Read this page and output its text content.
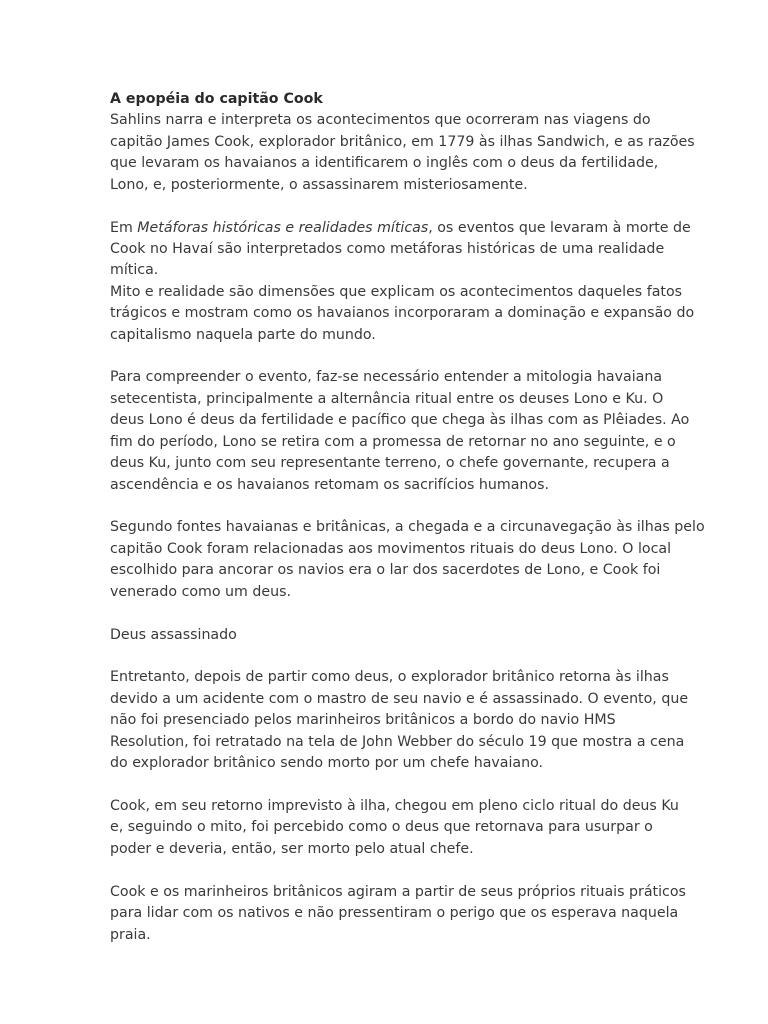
A epopéia do capitão Cook
Sahlins narra e interpreta os acontecimentos que ocorreram nas viagens do
capitão James Cook, explorador britânico, em 1779 às ilhas Sandwich, e as razões
que levaram os havaianos a identificarem o inglês com o deus da fertilidade,
Lono, e, posteriormente, o assassinarem misteriosamente.
Em Metáforas históricas e realidades míticas, os eventos que levaram à morte de
Cook no Havaí são interpretados como metáforas históricas de uma realidade
mítica.
Mito e realidade são dimensões que explicam os acontecimentos daqueles fatos
trágicos e mostram como os havaianos incorporaram a dominação e expansão do
capitalismo naquela parte do mundo.
Para compreender o evento, faz-se necessário entender a mitologia havaiana
setecentista, principalmente a alternância ritual entre os deuses Lono e Ku. O
deus Lono é deus da fertilidade e pacífico que chega às ilhas com as Plêiades. Ao
fim do período, Lono se retira com a promessa de retornar no ano seguinte, e o
deus Ku, junto com seu representante terreno, o chefe governante, recupera a
ascendência e os havaianos retomam os sacrifícios humanos.
Segundo fontes havaianas e britânicas, a chegada e a circunavegação às ilhas pelo
capitão Cook foram relacionadas aos movimentos rituais do deus Lono. O local
escolhido para ancorar os navios era o lar dos sacerdotes de Lono, e Cook foi
venerado como um deus.
Deus assassinado
Entretanto, depois de partir como deus, o explorador britânico retorna às ilhas
devido a um acidente com o mastro de seu navio e é assassinado. O evento, que
não foi presenciado pelos marinheiros britânicos a bordo do navio HMS
Resolution, foi retratado na tela de John Webber do século 19 que mostra a cena
do explorador britânico sendo morto por um chefe havaiano.
Cook, em seu retorno imprevisto à ilha, chegou em pleno ciclo ritual do deus Ku
e, seguindo o mito, foi percebido como o deus que retornava para usurpar o
poder e deveria, então, ser morto pelo atual chefe.
Cook e os marinheiros britânicos agiram a partir de seus próprios rituais práticos
para lidar com os nativos e não pressentiram o perigo que os esperava naquela
praia.
